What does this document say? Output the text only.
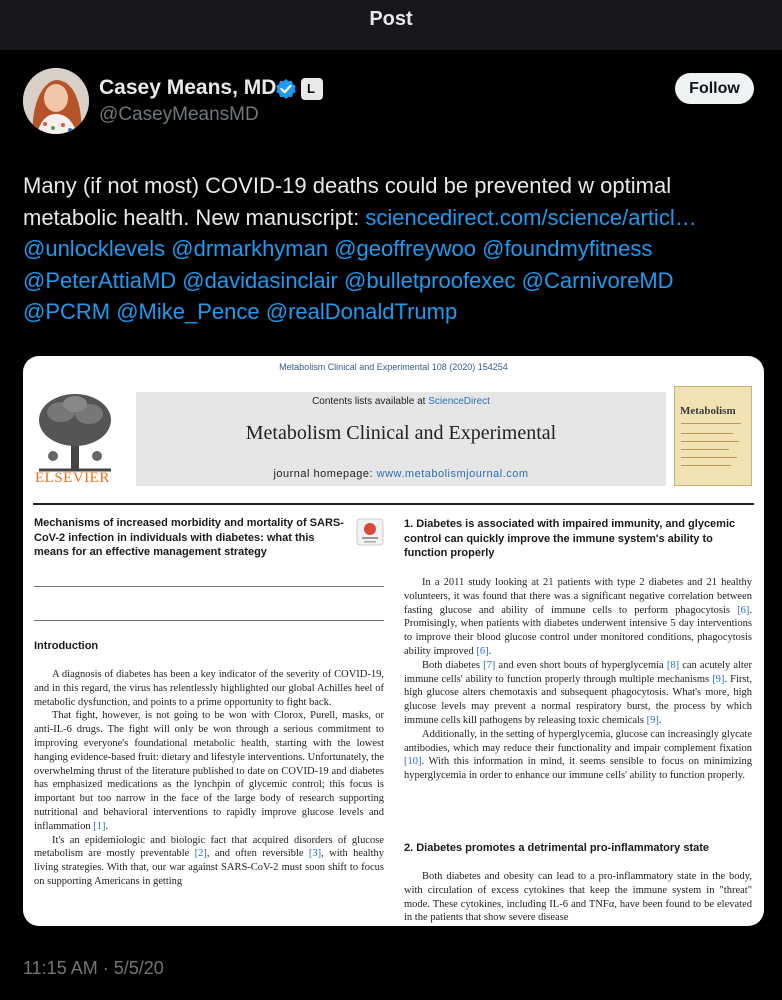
Post
Casey Means, MD L
@CaseyMeansMD
Follow
Many (if not most) COVID-19 deaths could be prevented w optimal metabolic health. New manuscript: sciencedirect.com/science/articl…
@unlocklevels @drmarkhyman @geoffreywoo @foundmyfitness
@PeterAttiaMD @davidasinclair @bulletproofexec @CarnivoreMD
@PCRM @Mike_Pence @realDonaldTrump
Metabolism Clinical and Experimental 108 (2020) 154254
ELSEVIER
Contents lists available at ScienceDirect
Metabolism Clinical and Experimental
journal homepage: www.metabolismjournal.com
Metabolism
Mechanisms of increased morbidity and mortality of SARS-CoV-2 infection in individuals with diabetes: what this means for an effective management strategy
Introduction

A diagnosis of diabetes has been a key indicator of the severity of COVID-19, and in this regard, the virus has relentlessly highlighted our global Achilles heel of metabolic dysfunction, and points to a prime opportunity to fight back.

That fight, however, is not going to be won with Clorox, Purell, masks, or anti-IL-6 drugs. The fight will only be won through a serious commitment to improving everyone's foundational metabolic health, starting with the lowest hanging evidence-based fruit: dietary and lifestyle interventions. Unfortunately, the overwhelming thrust of the literature published to date on COVID-19 and diabetes has emphasized medications as the lynchpin of glycemic control; this focus is important but too narrow in the face of the large body of research supporting nutritional and behavioral interventions to rapidly improve glucose levels and inflammation [1].

It's an epidemiologic and biologic fact that acquired disorders of glucose metabolism are mostly preventable [2], and often reversible [3], with healthy living strategies. With that, our war against SARS-CoV-2 must soon shift to focus on supporting Americans in getting

1. Diabetes is associated with impaired immunity, and glycemic control can quickly improve the immune system's ability to function properly

In a 2011 study looking at 21 patients with type 2 diabetes and 21 healthy volunteers, it was found that there was a significant negative correlation between fasting glucose and ability of immune cells to perform phagocytosis [6]. Promisingly, when patients with diabetes underwent intensive 5 day interventions to improve their blood glucose control under monitored conditions, phagocytosis ability improved [6].

Both diabetes [7] and even short bouts of hyperglycemia [8] can acutely alter immune cells' ability to function properly through multiple mechanisms [9]. First, high glucose alters chemotaxis and subsequent phagocytosis. What's more, high glucose levels may prevent a normal respiratory burst, the process by which immune cells kill pathogens by releasing toxic chemicals [9].

Additionally, in the setting of hyperglycemia, glucose can increasingly glycate antibodies, which may reduce their functionality and impair complement fixation [10]. With this information in mind, it seems sensible to focus on minimizing hyperglycemia in order to enhance our immune cells' ability to function properly.

2. Diabetes promotes a detrimental pro-inflammatory state

Both diabetes and obesity can lead to a pro-inflammatory state in the body, with circulation of excess cytokines that keep the immune system in "threat" mode. These cytokines, including IL-6 and TNFα, have been found to be elevated in the patients that show severe disease

11:15 AM · 5/5/20
